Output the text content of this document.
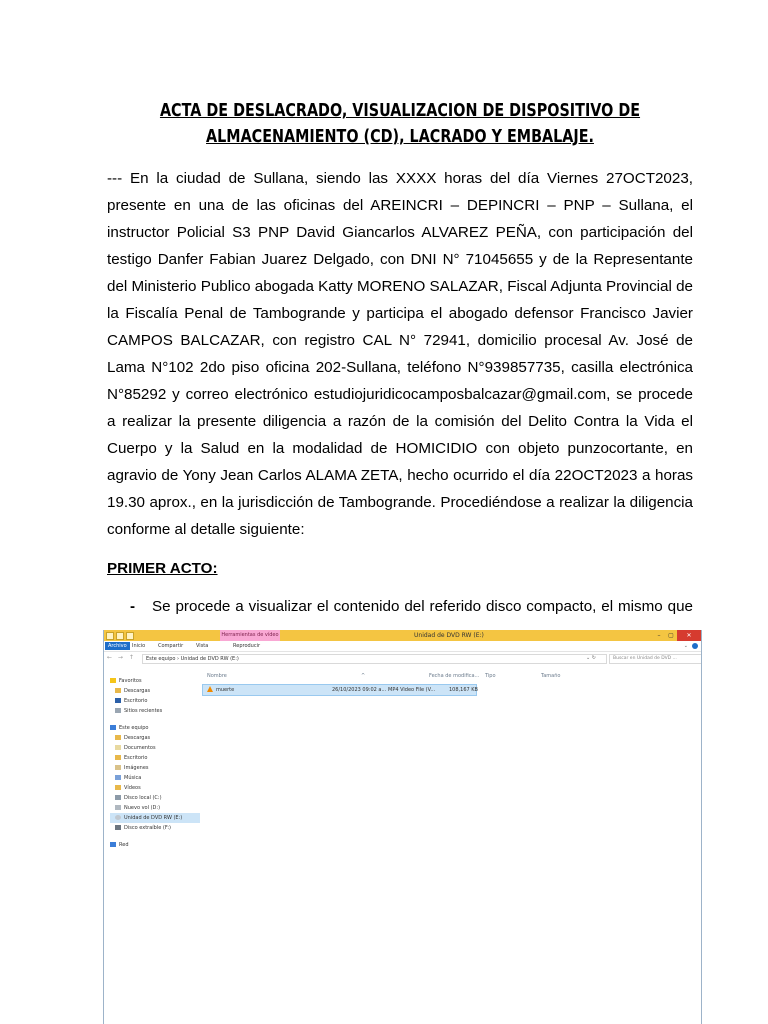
ACTA DE DESLACRADO, VISUALIZACION DE DISPOSITIVO DE
ALMACENAMIENTO (CD), LACRADO Y EMBALAJE.

--- En la ciudad de Sullana, siendo las XXXX horas del día Viernes 27OCT2023, presente en una de las oficinas del AREINCRI – DEPINCRI – PNP – Sullana, el instructor Policial S3 PNP David Giancarlos ALVAREZ PEÑA, con participación del testigo Danfer Fabian Juarez Delgado, con DNI N° 71045655 y de la Representante del Ministerio Publico abogada Katty MORENO SALAZAR, Fiscal Adjunta Provincial de la Fiscalía Penal de Tambogrande y participa el abogado defensor Francisco Javier CAMPOS BALCAZAR, con registro CAL N° 72941, domicilio procesal Av. José de Lama N°102 2do piso oficina 202-Sullana, teléfono N°939857735, casilla electrónica N°85292 y correo electrónico estudiojuridicocamposbalcazar@gmail.com, se procede a realizar la presente diligencia a razón de la comisión del Delito Contra la Vida el Cuerpo y la Salud en la modalidad de HOMICIDIO con objeto punzocortante, en agravio de Yony Jean Carlos ALAMA ZETA, hecho ocurrido el día 22OCT2023 a horas 19.30 aprox., en la jurisdicción de Tambogrande. Procediéndose a realizar la diligencia conforme al detalle siguiente:

PRIMER ACTO:
- Se procede a visualizar el contenido del referido disco compacto, el mismo que
Herramientas de vídeo	Unidad de DVD RW (E:)	–	▢	✕
Archivo	Inicio	Compartir	Vista	Reproducir	⌄
← → ↑	Este equipo › Unidad de DVD RW (E:)	⌄ ↻	Buscar en Unidad de DVD ...
Favoritos
Descargas
Escritorio
Sitios recientes
Este equipo
Descargas
Documentos
Escritorio
Imágenes
Música
Vídeos
Disco local (C:)
Nuevo vol (D:)
Unidad de DVD RW (E:)
Disco extraíble (F:)
Red
Nombre	^	Fecha de modifica... Tipo	Tamaño
muerte	26/10/2023 09:02 a... MP4 Video File (V...	108,167 KB
